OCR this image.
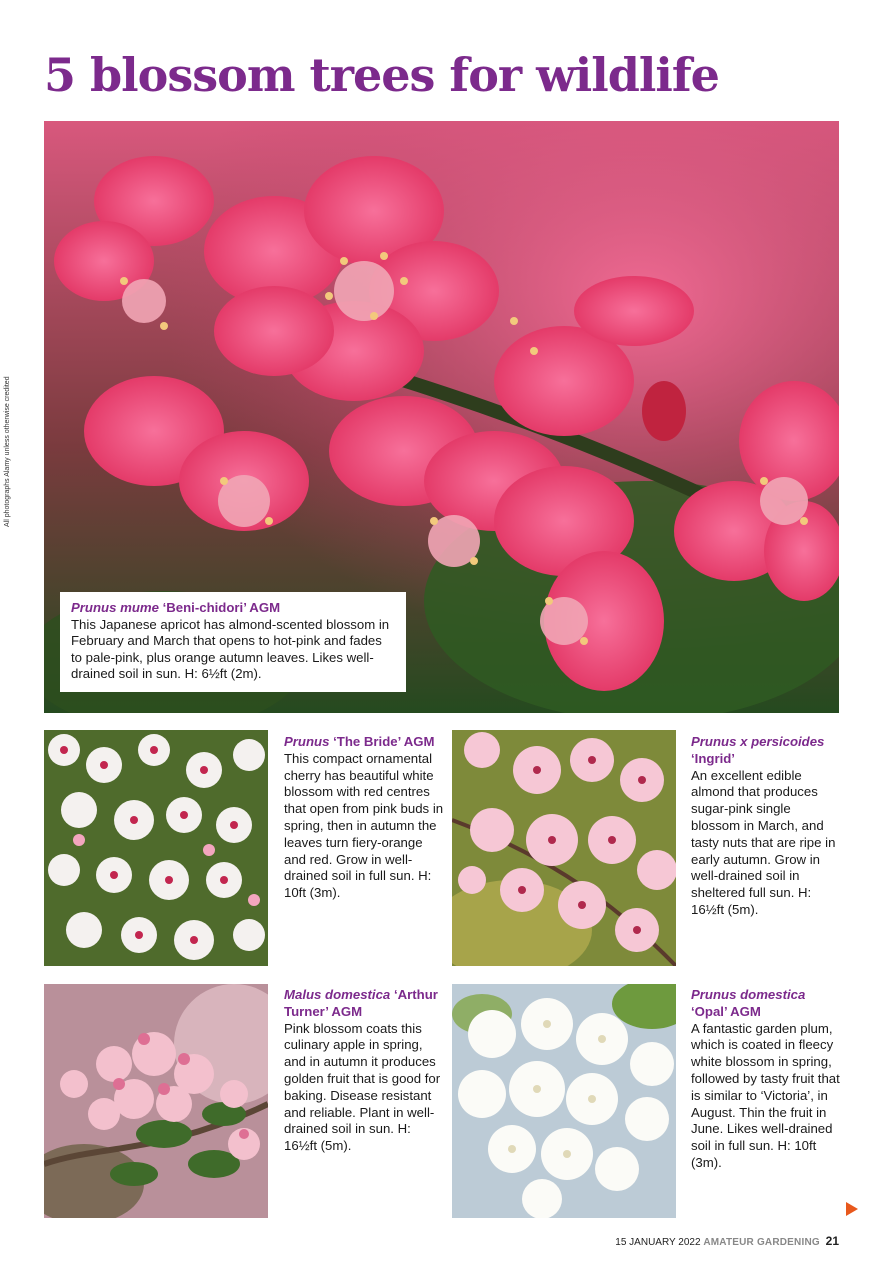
5 blossom trees for wildlife
All photographs Alamy unless otherwise credited
Prunus mume ‘Beni-chidori’ AGM
This Japanese apricot has almond-scented blossom in February and March that opens to hot-pink and fades to pale-pink, plus orange autumn leaves. Likes well-drained soil in sun. H: 6½ft (2m).

Prunus ‘The Bride’ AGM

This compact ornamental cherry has beautiful white blossom with red centres that open from pink buds in spring, then in autumn the leaves turn fiery-orange and red. Grow in well-drained soil in full sun. H: 10ft (3m).

Prunus x persicoides ‘Ingrid’

An excellent edible almond that produces sugar-pink single blossom in March, and tasty nuts that are ripe in early autumn. Grow in well-drained soil in sheltered full sun. H: 16½ft (5m).

Malus domestica ‘Arthur Turner’ AGM

Pink blossom coats this culinary apple in spring, and in autumn it produces golden fruit that is good for baking. Disease resistant and reliable. Plant in well-drained soil in sun. H: 16½ft (5m).

Prunus domestica ‘Opal’ AGM

A fantastic garden plum, which is coated in fleecy white blossom in spring, followed by tasty fruit that is similar to ‘Victoria’, in August. Thin the fruit in June. Likes well-drained soil in full sun. H: 10ft (3m).

15 JANUARY 2022 AMATEUR GARDENING 21
